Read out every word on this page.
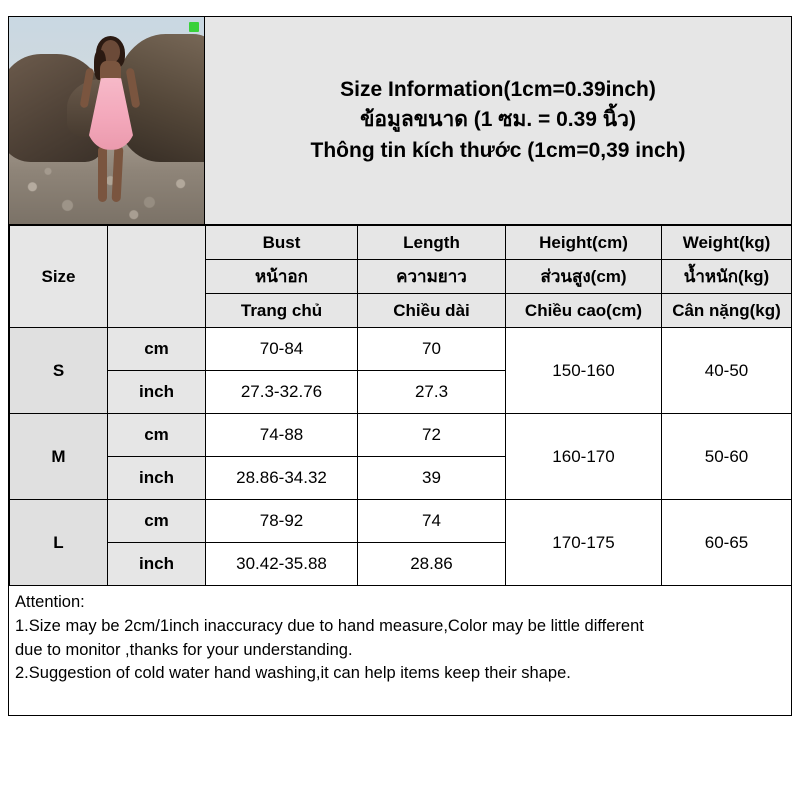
Size Information(1cm=0.39inch)
ข้อมูลขนาด (1 ซม. = 0.39 นิ้ว)
Thông tin kích thước (1cm=0,39 inch)
Size		Bust	Length	Height(cm)	Weight(kg)
		หน้าอก	ความยาว	ส่วนสูง(cm)	น้ำหนัก(kg)
		Trang chủ	Chiều dài	Chiều cao(cm)	Cân nặng(kg)
S	cm	70-84	70	150-160	40-50
	inch	27.3-32.76	27.3		
M	cm	74-88	72	160-170	50-60
	inch	28.86-34.32	39		
L	cm	78-92	74	170-175	60-65
	inch	30.42-35.88	28.86		

Attention:

1.Size may be 2cm/1inch inaccuracy due to hand measure,Color may be little different

due to monitor ,thanks for your understanding.

2.Suggestion of cold water hand washing,it can help items keep their shape.
